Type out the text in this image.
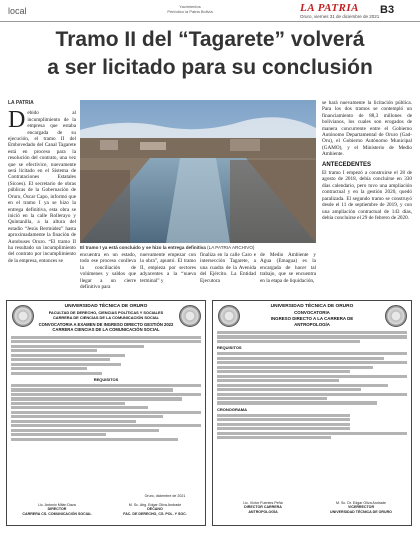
local	Yacimientos
Periódico la Patria Bolivia	LA PATRIA
Oruro, viernes 31 de diciembre de 2021
B3
Tramo II del “Tagarete” volverá
a ser licitado para su conclusión
LA PATRIA
D ebido al incumplimiento de la empresa que estaba encargada de su ejecución, el tramo II del Embovedado del Canal Tagarete está en proceso para la resolución del contrato, una vez que se efectivice, nuevamente será licitado en el Sistema de Contrataciones Estatales (Sicoes). El secretario de obras públicas de la Gobernación de Oruro, Óscar Capo, informó que en el tramo I ya se hizo la entrega definitiva, esta obra se inició en la calle Rollerayo y Quintanilla, a la altura del estadio “Jesús Bermúdez” hasta aproximadamente la finación de Autobuses Oruro. “El tramo II ha resultado un incumplimiento del contrato por incumplimiento de la empresa, entonces se
El tramo I ya está concluido y se hizo la entrega definitiva (LA PATRIA ARCHIVO)
encuentra en un estado, todo ese proceso conlleva la conciliación de volúmenes y saldos que llegar a un cierre definitivo para
nuevamente empezar con la obra”, apuntó. El tramo II, empieza por sectores adyacentes a la “nueva terminal” y
finaliza en la calle Caro e intersección Tagarete, a una cuadra de la Avenida del Ejército. La Entidad Ejecutora
de Medio Ambiente y Agua (Emagua) es la encargada de hacer tal trabajo, que se encuentra en la etapa de liquidación,
se hará nuevamente la licitación pública. Para los dos tramos se contempló un financiamiento de 88,3 millones de bolivianos, los cuales son erogados de manera concurrente entre el Gobierno Autónomo Departamental de Oruro (Gad-Oru), el Gobierno Autónomo Municipal (GAMO), y el Ministerio de Medio Ambiente.
ANTECEDENTES
El tramo I empezó a construirse el 28 de agosto de 2018, debía concluirse en 330 días calendario, pero tuvo una ampliación contractual y en la gestión 2020, quedó paralizada. El segundo tramo se construyó desde el 11 de septiembre de 2019, y con una ampliación contractual de 143 días, debía concluirse el 29 de febrero de 2020.
UNIVERSIDAD TÉCNICA DE ORURO
FACULTAD DE DERECHO, CIENCIAS POLÍTICAS Y SOCIALES
CARRERA DE CIENCIAS DE LA COMUNICACIÓN SOCIAL
CONVOCATORIA A EXAMEN DE INGRESO DIRECTO GESTIÓN 2022
CARRERA CIENCIAS DE LA COMUNICACIÓN SOCIAL
REQUISITOS
Oruro, diciembre de 2021
Lic. Antonio Milán Daza
DIRECTOR
CARRERA CS. COMUNICACIÓN SOCIAL
M. Sc. Abg. Edgar Oliva Andrade
DECANO
FAC. DE DERECHO, CS. POL. Y SOC.
UNIVERSIDAD TÉCNICA DE ORURO
CONVOCATORIA
INGRESO DIRECTO A LA CARRERA DE
ANTROPOLOGÍA
REQUISITOS
CRONOGRAMA
Lic. Víctor Fuentes Peña
DIRECTOR CARRERA
ANTROPOLOGÍA
M. Sc. Dr. Edgar Oliva Andrade
VICERRECTOR
UNIVERSIDAD TÉCNICA DE ORURO
